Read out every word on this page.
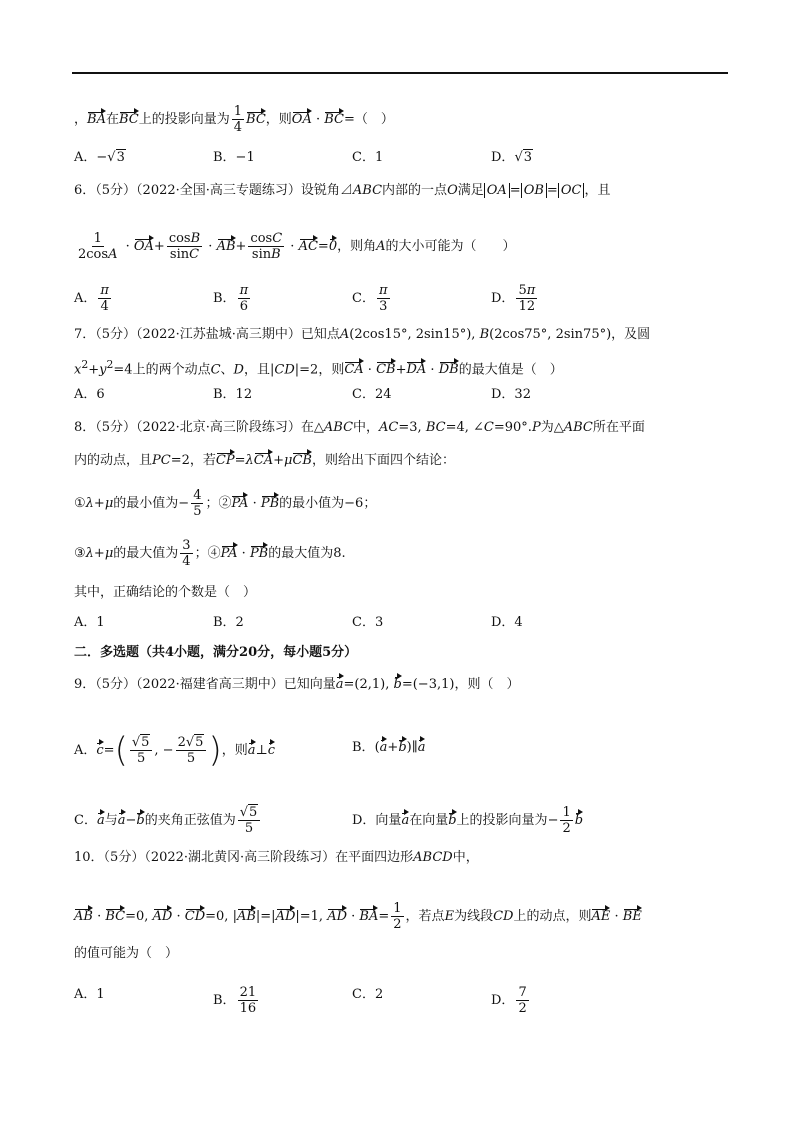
，BA在BC上的投影向量为 $\frac{1}{4}$ BC，则OA · BC=（　）
A．−√3	B．−1	C．1	D．√3
6．（5分）（2022·全国·高三专题练习）设锐角⊿ABC内部的一点O满足 OA = OB = OC ，且
$\frac{1}{2\cos A} \cdot OA+ \frac{\cos B}{\sin C} \cdot AB+ \frac{\cos C}{\sin B} \cdot AC=0$，则角A的大小可能为（　　）
A． $\frac{\pi}{4}$	B． $\frac{\pi}{6}$	C． $\frac{\pi}{3}$	D． $\frac{5\pi}{12}$
7．（5分）（2022·江苏盐城·高三期中）已知点A(2cos15°, 2sin15°), B(2cos75°, 2sin75°)，及圆
$x^2+y^2=4$上的两个动点C、D，且|CD|=2，则CA · CB+DA · DB的最大值是（　）
A．6	B．12	C．24	D．32
8．（5分）（2022·北京·高三阶段练习）在△ABC中，AC=3, BC=4, ∠C=90°.P为△ABC所在平面
内的动点，且PC=2，若CP=λCA+μCB，则给出下面四个结论：
①λ+μ的最小值为− $\frac{4}{5}$ ；②PA · PB的最小值为−6；
③λ+μ的最大值为 $\frac{3}{4}$ ；④PA · PB的最大值为8.
其中，正确结论的个数是（　）
A．1	B．2	C．3	D．4
二．多选题（共4小题，满分20分，每小题5分）
9．（5分）（2022·福建省高三期中）已知向量a=(2,1), b=(−3,1)，则（　）
A．$c=( \frac{√5}{5}$ , − $\frac{2√5}{5}$ )，则a⊥c	B．(a+b)∥a
C．a与a−b的夹角正弦值为 $\frac{√5}{5}$	D．向量a在向量b上的投影向量为− $\frac{1}{2}$ b
10．（5分）（2022·湖北黄冈·高三阶段练习）在平面四边形ABCD中，
AB · BC=0, AD · CD=0, |AB|=|AD|=1, AD · $BA= \frac{1}{2}$ ，若点E为线段CD上的动点，则AE · BE
的值可能为（　）
A．1	B． $\frac{21}{16}$	C．2	D． $\frac{7}{2}$
